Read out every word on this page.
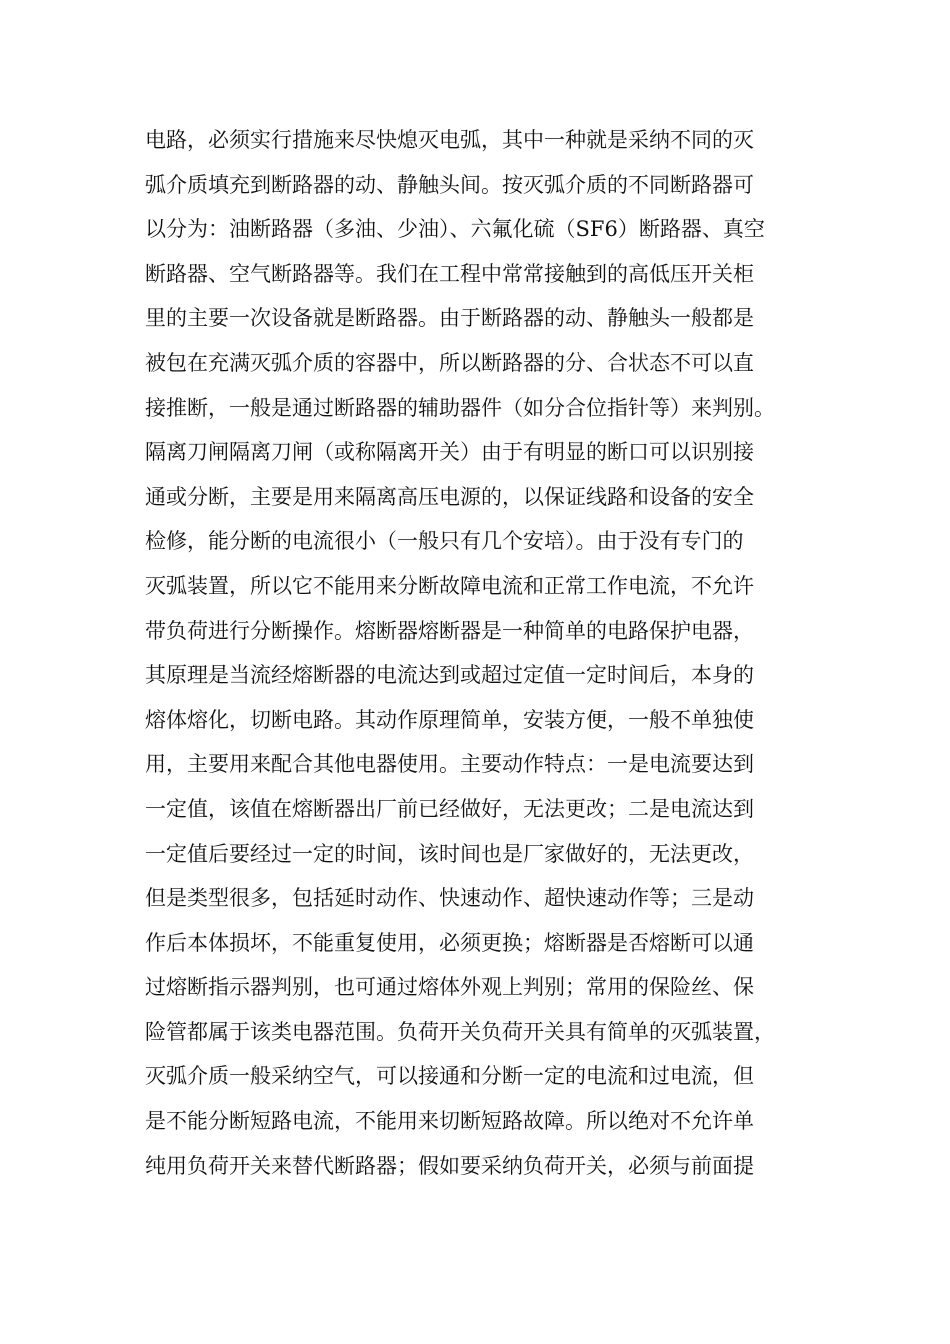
电路，必须实行措施来尽快熄灭电弧，其中一种就是采纳不同的灭
弧介质填充到断路器的动、静触头间。按灭弧介质的不同断路器可
以分为：油断路器（多油、少油）、六氟化硫（SF6）断路器、真空
断路器、空气断路器等。我们在工程中常常接触到的高低压开关柜
里的主要一次设备就是断路器。由于断路器的动、静触头一般都是
被包在充满灭弧介质的容器中，所以断路器的分、合状态不可以直
接推断，一般是通过断路器的辅助器件（如分合位指针等）来判别。
隔离刀闸隔离刀闸（或称隔离开关）由于有明显的断口可以识别接
通或分断，主要是用来隔离高压电源的，以保证线路和设备的安全
检修，能分断的电流很小（一般只有几个安培）。由于没有专门的
灭弧装置，所以它不能用来分断故障电流和正常工作电流，不允许
带负荷进行分断操作。熔断器熔断器是一种简单的电路保护电器，
其原理是当流经熔断器的电流达到或超过定值一定时间后，本身的
熔体熔化，切断电路。其动作原理简单，安装方便，一般不单独使
用，主要用来配合其他电器使用。主要动作特点：一是电流要达到
一定值，该值在熔断器出厂前已经做好，无法更改；二是电流达到
一定值后要经过一定的时间，该时间也是厂家做好的，无法更改，
但是类型很多，包括延时动作、快速动作、超快速动作等；三是动
作后本体损坏，不能重复使用，必须更换；熔断器是否熔断可以通
过熔断指示器判别，也可通过熔体外观上判别；常用的保险丝、保
险管都属于该类电器范围。负荷开关负荷开关具有简单的灭弧装置，
灭弧介质一般采纳空气，可以接通和分断一定的电流和过电流，但
是不能分断短路电流，不能用来切断短路故障。所以绝对不允许单
纯用负荷开关来替代断路器；假如要采纳负荷开关，必须与前面提
